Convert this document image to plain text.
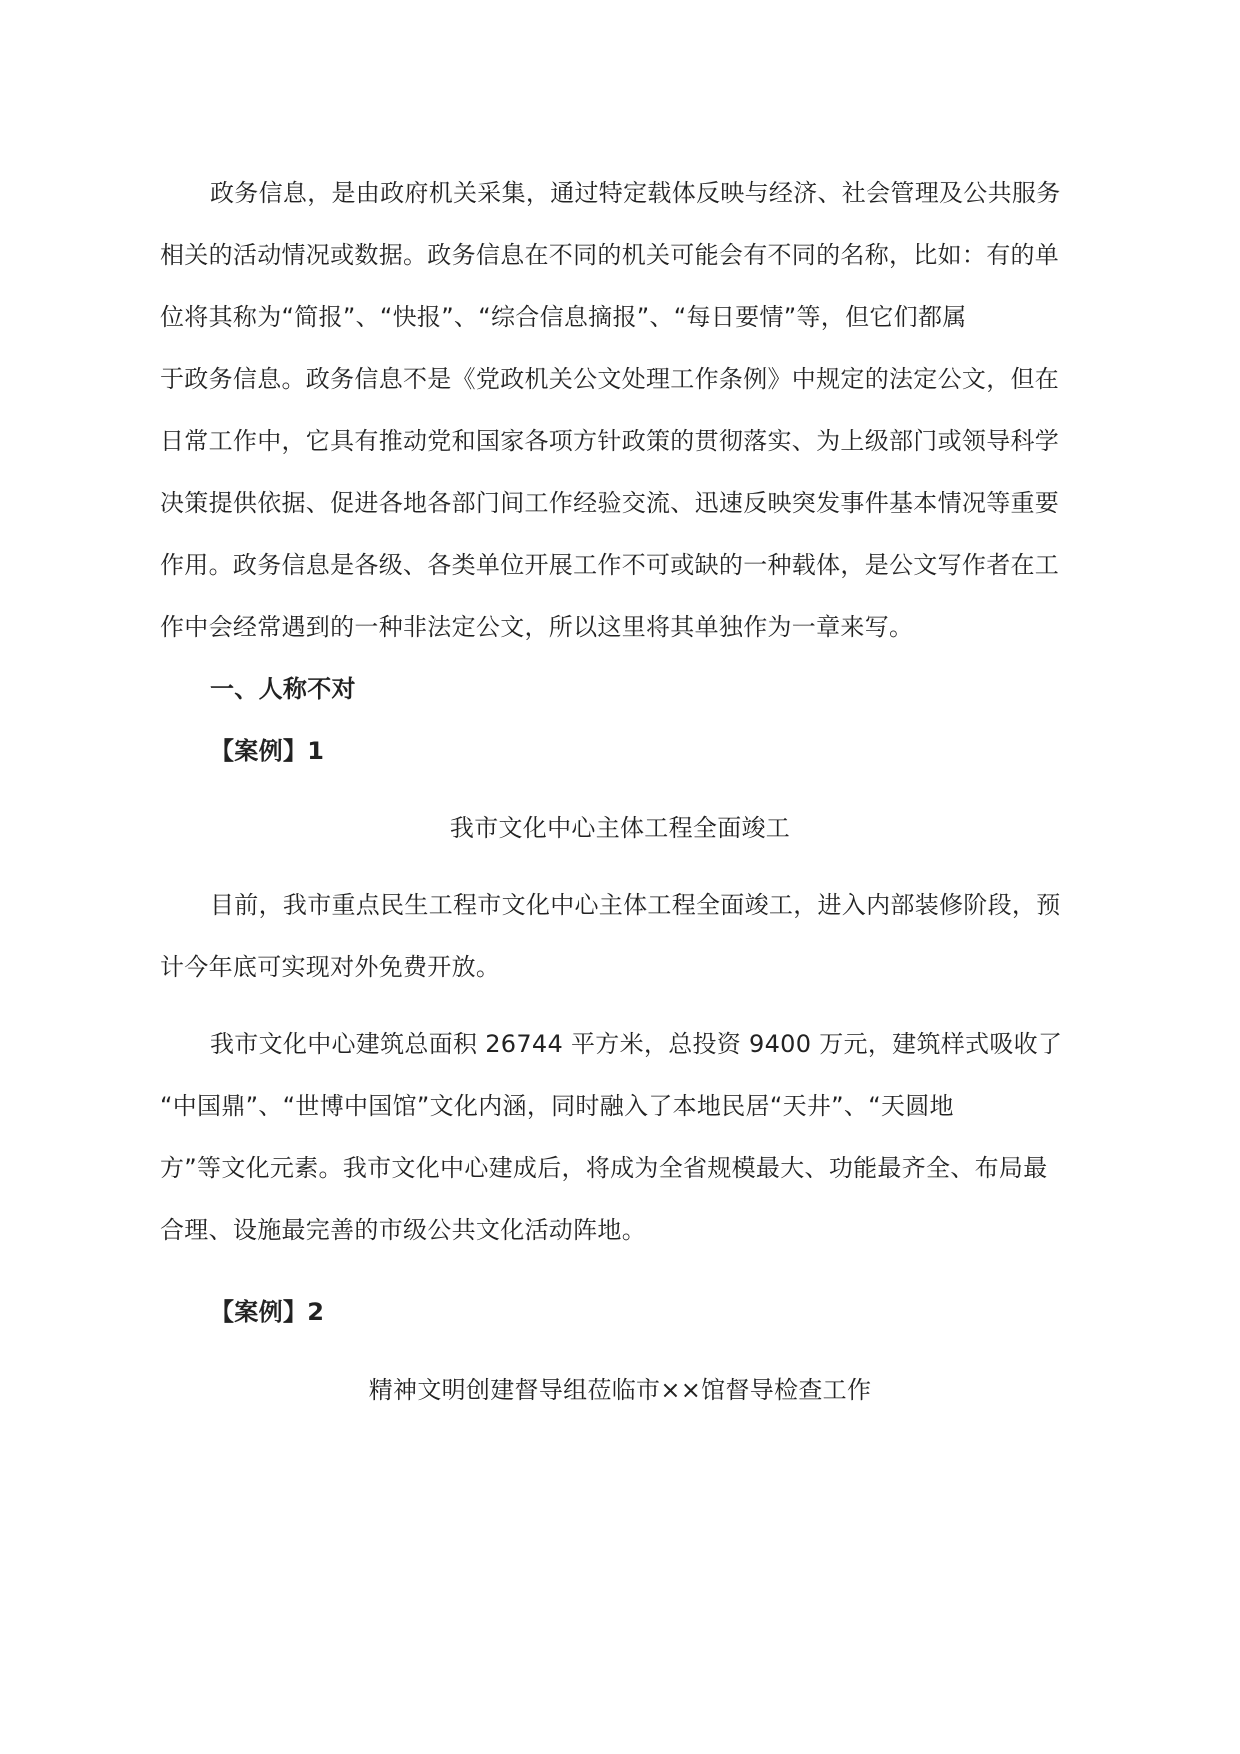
政务信息，是由政府机关采集，通过特定载体反映与经济、社会管理及公共服务
相关的活动情况或数据。政务信息在不同的机关可能会有不同的名称，比如：有的单
位将其称为“简报”、“快报”、“综合信息摘报”、“每日要情”等，但它们都属
于政务信息。政务信息不是《党政机关公文处理工作条例》中规定的法定公文，但在
日常工作中，它具有推动党和国家各项方针政策的贯彻落实、为上级部门或领导科学
决策提供依据、促进各地各部门间工作经验交流、迅速反映突发事件基本情况等重要
作用。政务信息是各级、各类单位开展工作不可或缺的一种载体，是公文写作者在工
作中会经常遇到的一种非法定公文，所以这里将其单独作为一章来写。
一、人称不对
【案例】1
我市文化中心主体工程全面竣工
目前，我市重点民生工程市文化中心主体工程全面竣工，进入内部装修阶段，预
计今年底可实现对外免费开放。
我市文化中心建筑总面积 26744 平方米，总投资 9400 万元，建筑样式吸收了
“中国鼎”、“世博中国馆”文化内涵，同时融入了本地民居“天井”、“天圆地
方”等文化元素。我市文化中心建成后，将成为全省规模最大、功能最齐全、布局最
合理、设施最完善的市级公共文化活动阵地。
【案例】2
精神文明创建督导组莅临市××馆督导检查工作
